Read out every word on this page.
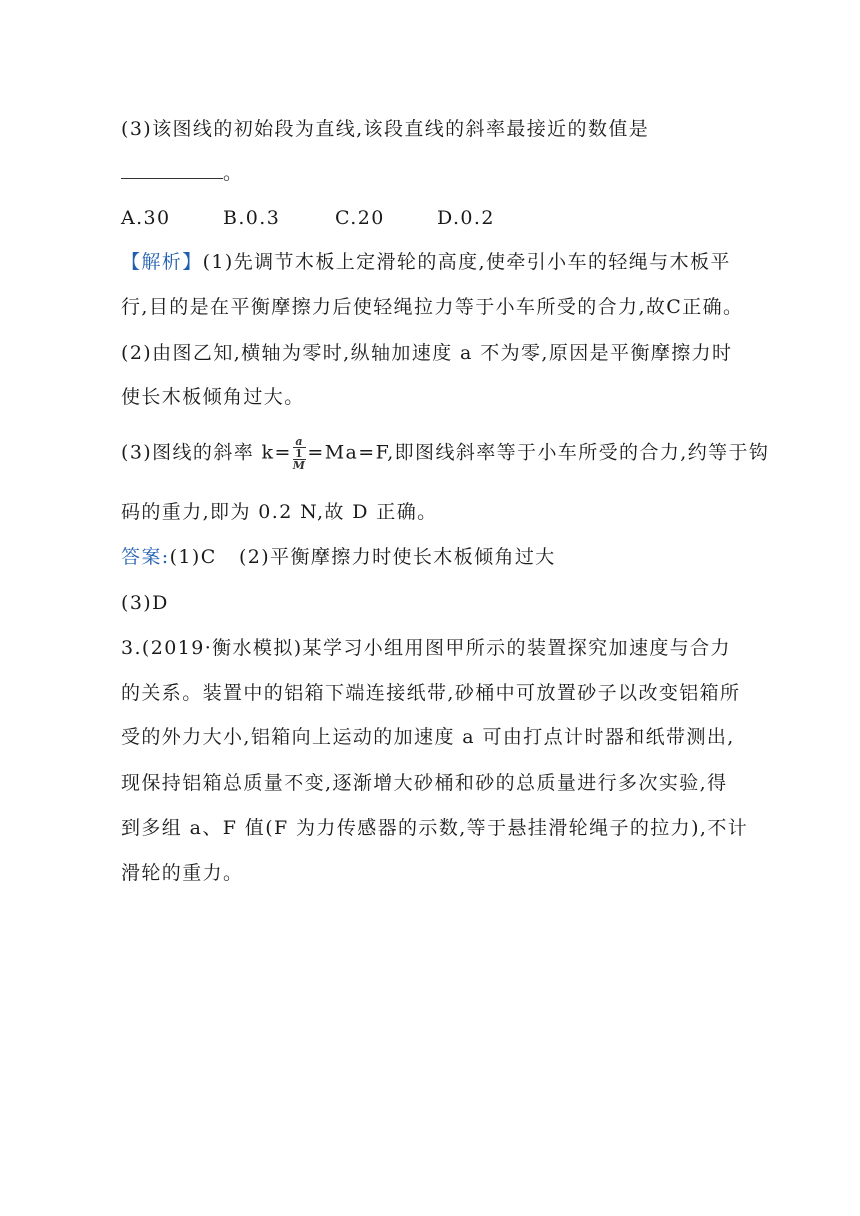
(3)该图线的初始段为直线,该段直线的斜率最接近的数值是
。
A.30	B.0.3	C.20	D.0.2
【解析】(1)先调节木板上定滑轮的高度,使牵引小车的轻绳与木板平
行,目的是在平衡摩擦力后使轻绳拉力等于小车所受的合力,故C正确。
(2)由图乙知,横轴为零时,纵轴加速度 a 不为零,原因是平衡摩擦力时
使长木板倾角过大。
(3)图线的斜率 k= a
1
M =Ma=F,即图线斜率等于小车所受的合力,约等于钩
码的重力,即为 0.2 N,故 D 正确。
答案:(1)C   (2)平衡摩擦力时使长木板倾角过大
(3)D
3.(2019·衡水模拟)某学习小组用图甲所示的装置探究加速度与合力
的关系。装置中的铝箱下端连接纸带,砂桶中可放置砂子以改变铝箱所
受的外力大小,铝箱向上运动的加速度 a 可由打点计时器和纸带测出,
现保持铝箱总质量不变,逐渐增大砂桶和砂的总质量进行多次实验,得
到多组 a、F 值(F 为力传感器的示数,等于悬挂滑轮绳子的拉力),不计
滑轮的重力。
